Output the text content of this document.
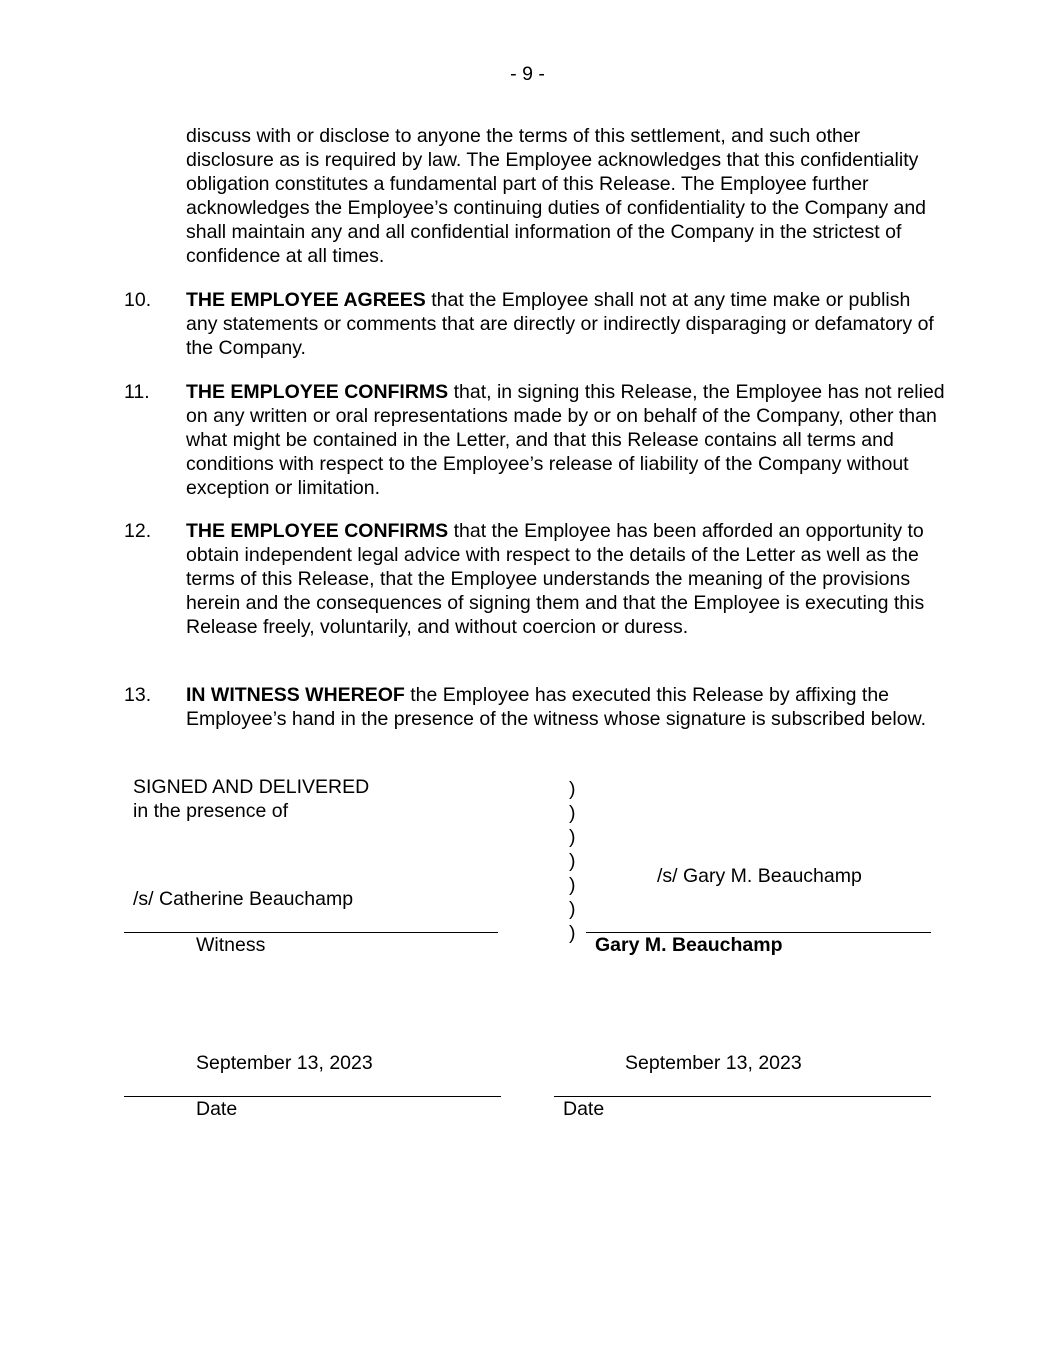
- 9 -

discuss with or disclose to anyone the terms of this settlement, and such other disclosure as is required by law. The Employee acknowledges that this confidentiality obligation constitutes a fundamental part of this Release. The Employee further acknowledges the Employee’s continuing duties of confidentiality to the Company and shall maintain any and all confidential information of the Company in the strictest of confidence at all times.

10. THE EMPLOYEE AGREES that the Employee shall not at any time make or publish any statements or comments that are directly or indirectly disparaging or defamatory of the Company.

11. THE EMPLOYEE CONFIRMS that, in signing this Release, the Employee has not relied on any written or oral representations made by or on behalf of the Company, other than what might be contained in the Letter, and that this Release contains all terms and conditions with respect to the Employee’s release of liability of the Company without exception or limitation.

12. THE EMPLOYEE CONFIRMS that the Employee has been afforded an opportunity to obtain independent legal advice with respect to the details of the Letter as well as the terms of this Release, that the Employee understands the meaning of the provisions herein and the consequences of signing them and that the Employee is executing this Release freely, voluntarily, and without coercion or duress.

13. IN WITNESS WHEREOF the Employee has executed this Release by affixing the Employee’s hand in the presence of the witness whose signature is subscribed below.

SIGNED AND DELIVERED
in the presence of
/s/ Catherine Beauchamp
Witness
)
)
)
)
)
)
)
/s/ Gary M. Beauchamp
Gary M. Beauchamp
September 13, 2023
Date
September 13, 2023
Date
